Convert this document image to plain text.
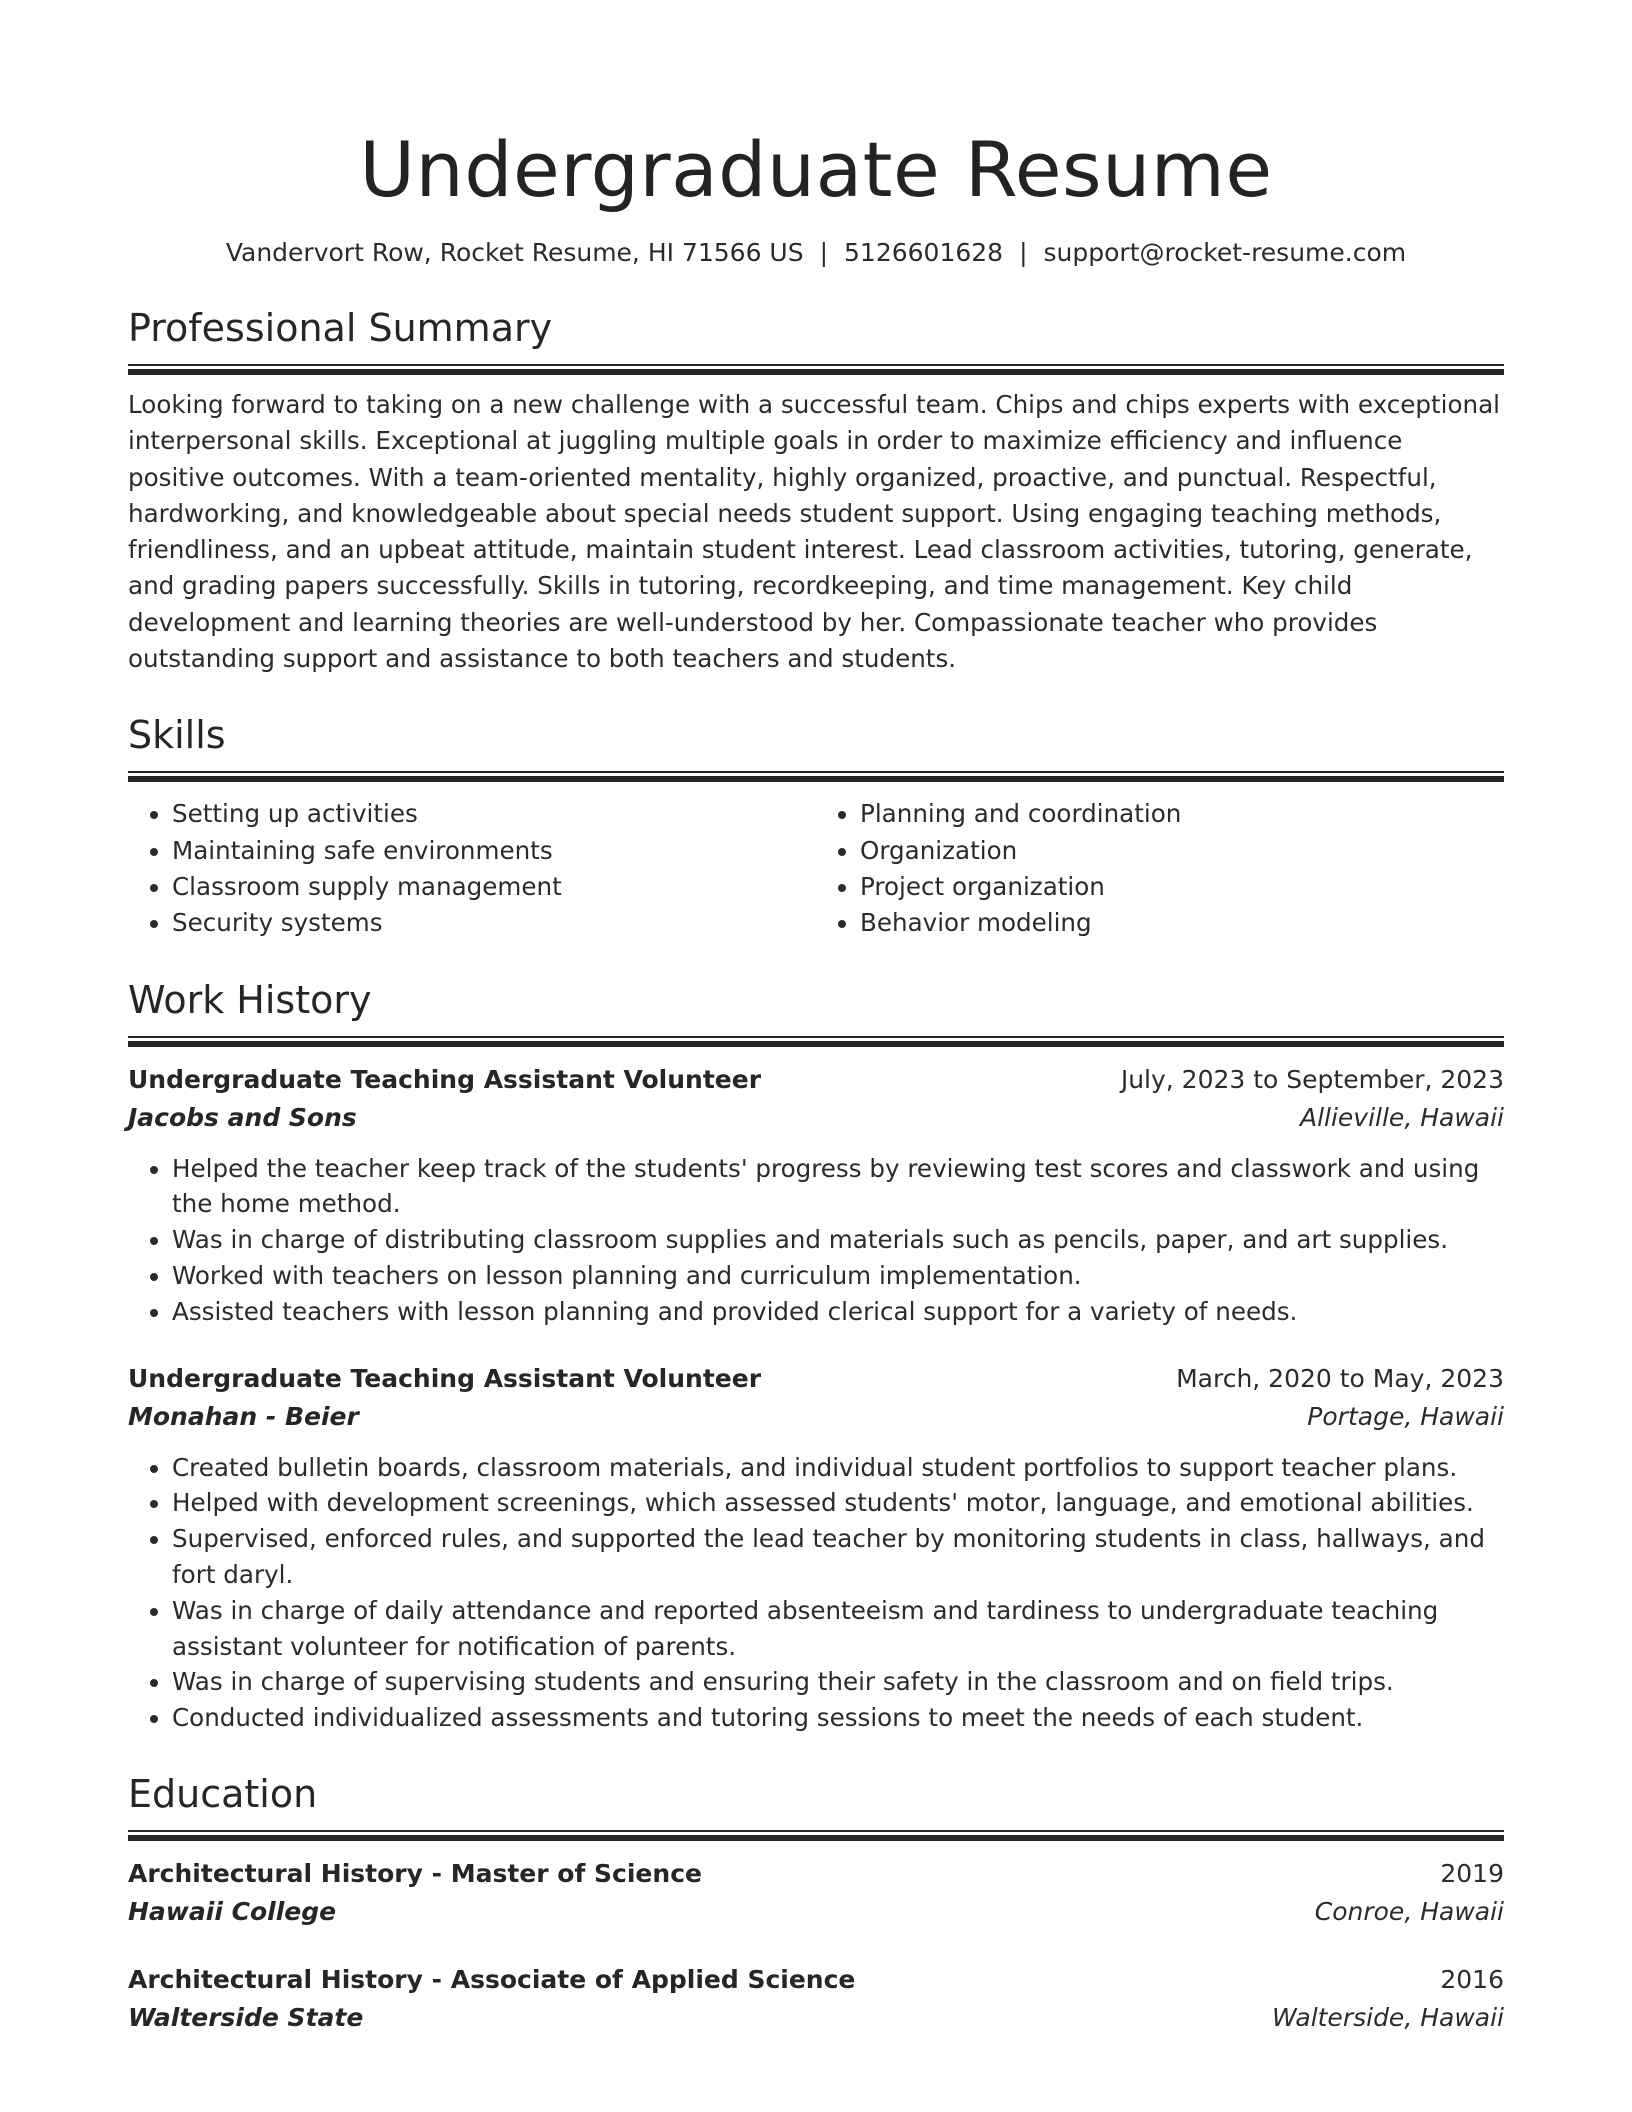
Undergraduate Resume
Vandervort Row, Rocket Resume, HI 71566 US | 5126601628 | support@rocket-resume.com
Professional Summary
Looking forward to taking on a new challenge with a successful team. Chips and chips experts with exceptional interpersonal skills. Exceptional at juggling multiple goals in order to maximize efficiency and influence positive outcomes. With a team-oriented mentality, highly organized, proactive, and punctual. Respectful, hardworking, and knowledgeable about special needs student support. Using engaging teaching methods, friendliness, and an upbeat attitude, maintain student interest. Lead classroom activities, tutoring, generate, and grading papers successfully. Skills in tutoring, recordkeeping, and time management. Key child development and learning theories are well-understood by her. Compassionate teacher who provides outstanding support and assistance to both teachers and students.
Skills
• Setting up activities
• Maintaining safe environments
• Classroom supply management
• Security systems
• Planning and coordination
• Organization
• Project organization
• Behavior modeling
Work History
Undergraduate Teaching Assistant Volunteer	July, 2023 to September, 2023
Jacobs and Sons	Allieville, Hawaii
• Helped the teacher keep track of the students' progress by reviewing test scores and classwork and using the home method.
• Was in charge of distributing classroom supplies and materials such as pencils, paper, and art supplies.
• Worked with teachers on lesson planning and curriculum implementation.
• Assisted teachers with lesson planning and provided clerical support for a variety of needs.
Undergraduate Teaching Assistant Volunteer	March, 2020 to May, 2023
Monahan - Beier	Portage, Hawaii
• Created bulletin boards, classroom materials, and individual student portfolios to support teacher plans.
• Helped with development screenings, which assessed students' motor, language, and emotional abilities.
• Supervised, enforced rules, and supported the lead teacher by monitoring students in class, hallways, and fort daryl.
• Was in charge of daily attendance and reported absenteeism and tardiness to undergraduate teaching assistant volunteer for notification of parents.
• Was in charge of supervising students and ensuring their safety in the classroom and on field trips.
• Conducted individualized assessments and tutoring sessions to meet the needs of each student.
Education
Architectural History - Master of Science	2019
Hawaii College	Conroe, Hawaii
Architectural History - Associate of Applied Science	2016
Walterside State	Walterside, Hawaii
